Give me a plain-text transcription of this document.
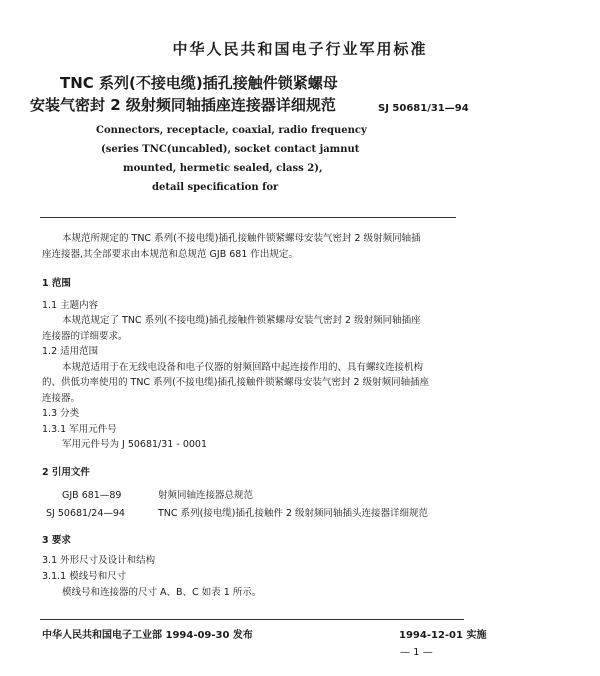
中华人民共和国电子行业军用标准
TNC 系列(不接电缆)插孔接触件锁紧螺母
安装气密封 2 级射频同轴插座连接器详细规范	SJ 50681/31—94
Connectors, receptacle, coaxial, radio frequency
(series TNC(uncabled), socket contact jamnut
mounted, hermetic sealed, class 2),
detail specification for
本规范所规定的 TNC 系列(不接电缆)插孔接触件锁紧螺母安装气密封 2 级射频同轴插
座连接器,其全部要求由本规范和总规范 GJB 681 作出规定。
1 范围
1.1 主题内容
本规范规定了 TNC 系列(不接电缆)插孔接触件锁紧螺母安装气密封 2 级射频同轴插座
连接器的详细要求。
1.2 适用范围
本规范适用于在无线电设备和电子仪器的射频回路中起连接作用的、具有螺纹连接机构
的、供低功率使用的 TNC 系列(不接电缆)插孔接触件锁紧螺母安装气密封 2 级射频同轴插座
连接器。
1.3 分类
1.3.1 军用元件号
军用元件号为 J 50681/31 - 0001
2 引用文件
GJB 681—89	射频同轴连接器总规范
SJ 50681/24—94	TNC 系列(接电缆)插孔接触件 2 级射频同轴插头连接器详细规范
3 要求
3.1 外形尺寸及设计和结构
3.1.1 模线号和尺寸
模线号和连接器的尺寸 A、B、C 如表 1 所示。
中华人民共和国电子工业部 1994-09-30 发布	1994-12-01 实施
— 1 —
